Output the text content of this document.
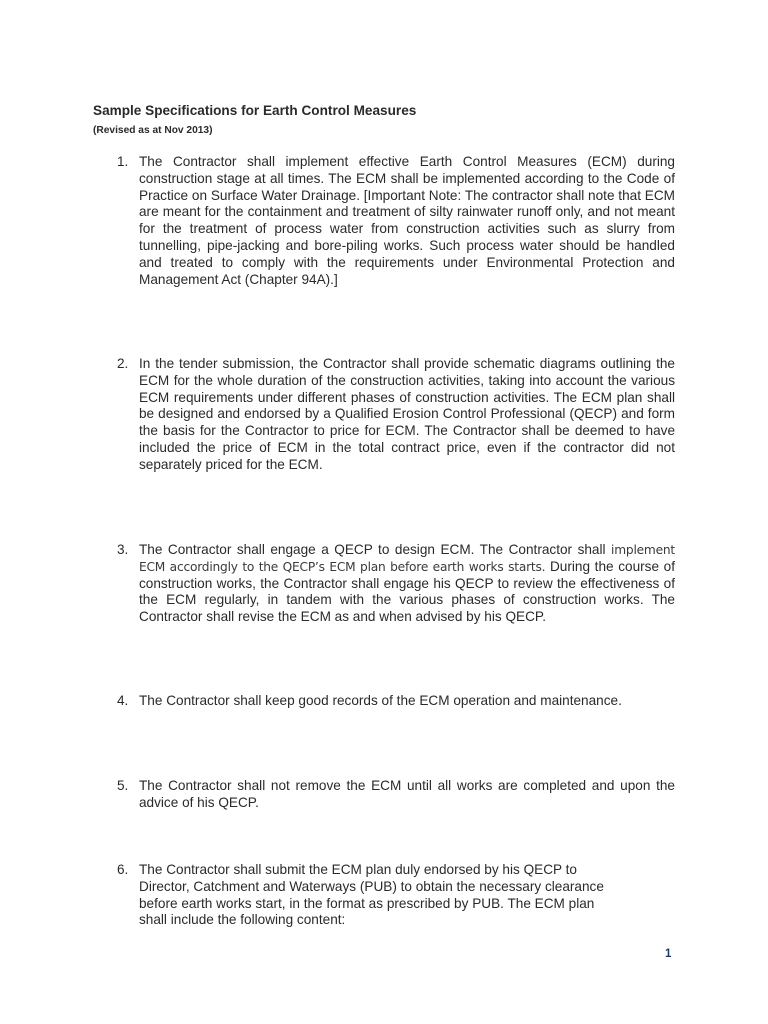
Sample Specifications for Earth Control Measures

(Revised as at Nov 2013)

1. The Contractor shall implement effective Earth Control Measures (ECM) during construction stage at all times. The ECM shall be implemented according to the Code of Practice on Surface Water Drainage. [Important Note: The contractor shall note that ECM are meant for the containment and treatment of silty rainwater runoff only, and not meant for the treatment of process water from construction activities such as slurry from tunnelling, pipe-jacking and bore-piling works. Such process water should be handled and treated to comply with the requirements under Environmental Protection and Management Act (Chapter 94A).]
2. In the tender submission, the Contractor shall provide schematic diagrams outlining the ECM for the whole duration of the construction activities, taking into account the various ECM requirements under different phases of construction activities. The ECM plan shall be designed and endorsed by a Qualified Erosion Control Professional (QECP) and form the basis for the Contractor to price for ECM. The Contractor shall be deemed to have included the price of ECM in the total contract price, even if the contractor did not separately priced for the ECM.
3. The Contractor shall engage a QECP to design ECM. The Contractor shall implement ECM accordingly to the QECP’s ECM plan before earth works starts. During the course of construction works, the Contractor shall engage his QECP to review the effectiveness of the ECM regularly, in tandem with the various phases of construction works. The Contractor shall revise the ECM as and when advised by his QECP.
4. The Contractor shall keep good records of the ECM operation and maintenance.
5. The Contractor shall not remove the ECM until all works are completed and upon the advice of his QECP.
6. The Contractor shall submit the ECM plan duly endorsed by his QECP to
Director, Catchment and Waterways (PUB) to obtain the necessary clearance
before earth works start, in the format as prescribed by PUB. The ECM plan
shall include the following content:
1
